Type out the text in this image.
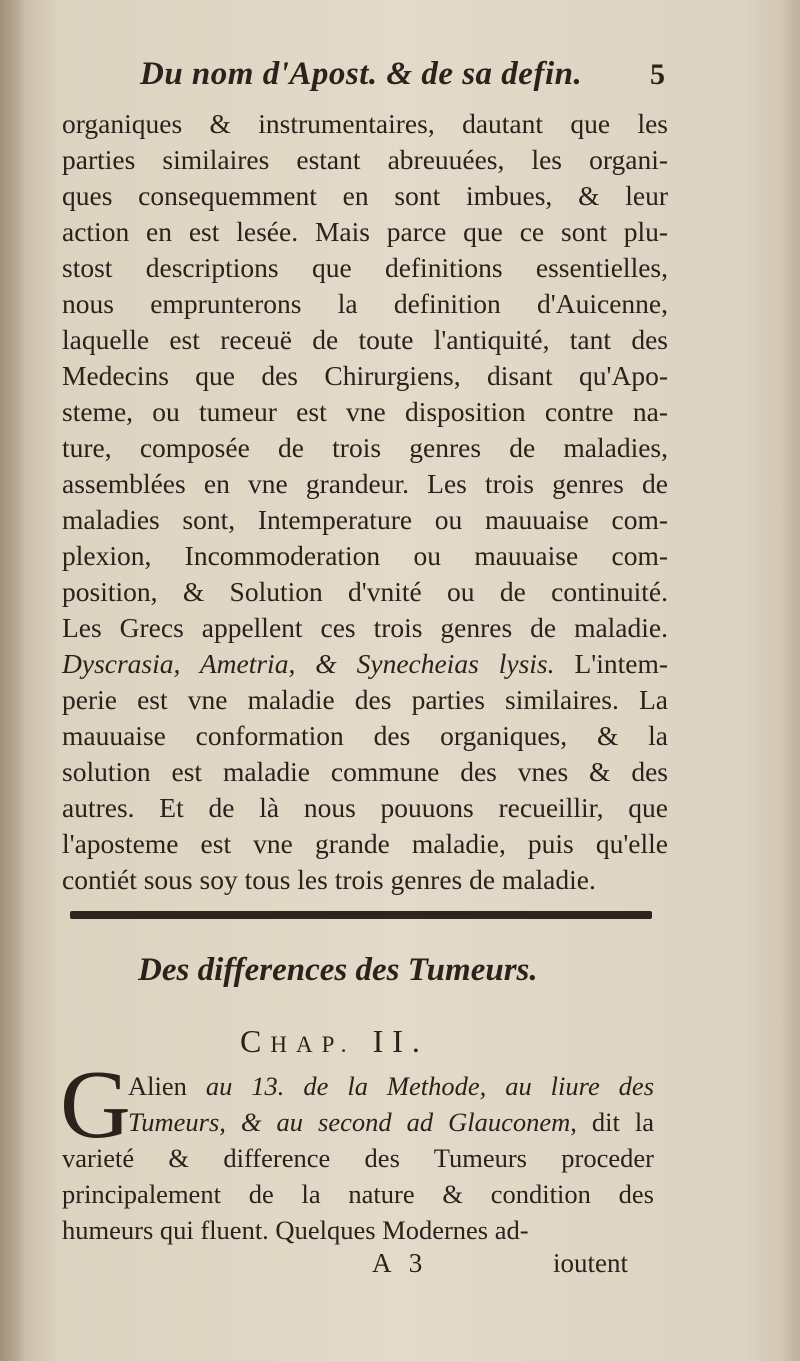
Du nom d'Apost. & de sa defin. 5
organiques & instrumentaires, dautant que les
parties similaires estant abreuuées, les organi-
ques consequemment en sont imbues, & leur
action en est lesée. Mais parce que ce sont plu-
stost descriptions que definitions essentielles,
nous emprunterons la definition d'Auicenne,
laquelle est receuë de toute l'antiquité, tant des
Medecins que des Chirurgiens, disant qu'Apo-
steme, ou tumeur est vne disposition contre na-
ture, composée de trois genres de maladies,
assemblées en vne grandeur. Les trois genres de
maladies sont, Intemperature ou mauuaise com-
plexion, Incommoderation ou mauuaise com-
position, & Solution d'vnité ou de continuité.
Les Grecs appellent ces trois genres de maladie.
Dyscrasia, Ametria, & Synecheias lysis. L'intem-
perie est vne maladie des parties similaires. La
mauuaise conformation des organiques, & la
solution est maladie commune des vnes & des
autres. Et de là nous pouuons recueillir, que
l'aposteme est vne grande maladie, puis qu'elle
contiét sous soy tous les trois genres de maladie.
Des differences des Tumeurs.
CHAP. II.
G
Alien au 13. de la Methode, au liure des
Tumeurs, & au second ad Glauconem, dit la
varieté & difference des Tumeurs proceder
principalement de la nature & condition des
humeurs qui fluent. Quelques Modernes ad-
A 3	ioutent
